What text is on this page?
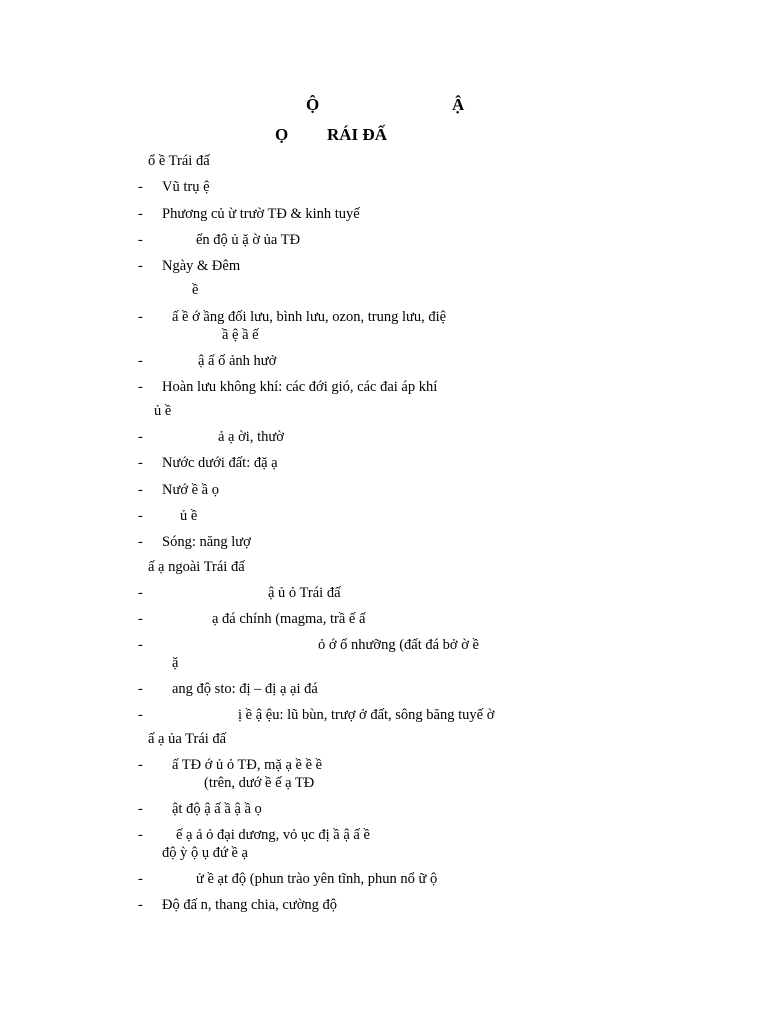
Ộ	Ậ
Ọ RÁI ĐẤ
ổ ề Trái đấ
- Vũ trụ ệ
- Phương củ ừ trườ TĐ & kinh tuyế
-	ển độ ủ ặ ờ ủa TĐ
- Ngày & Đêm
ề
- ấ ề ớ ầng đối lưu, bình lưu, ozon, trung lưu, điệ
ầ ệ ầ ế
-	ậ ấ ố ảnh hưở
- Hoàn lưu không khí: các đới gió, các đai áp khí
ủ ề
-	ả ạ ời, thườ
- Nước dưới đất: đặ ạ
- Nướ ề ầ ọ
-	ủ ề
- Sóng: năng lượ
ấ ạ ngoài Trái đấ
-	ậ ủ ỏ Trái đấ
-	ạ đá chính (magma, trầ ế ấ
-	ỏ ớ ổ nhưỡng (đất đá bở ờ ề
ặ
- ang độ sto: đị – đị ạ ại đá
-	ị ề ậ ệu: lũ bùn, trượ ở đất, sông băng tuyế ờ
ấ ạ ủa Trái đấ
- ấ TĐ ớ ủ ỏ TĐ, mặ ạ ề ề ề
(trên, dướ ề ế ạ TĐ
- ật độ ậ ấ ầ ậ ầ ọ
- ế ạ ả ỏ đại dương, vỏ ục đị ầ ậ ấ ề
độ ỳ ộ ụ đứ ề ạ
-	ử ề ạt độ (phun trào yên tĩnh, phun nổ ữ ộ
- Độ đấ n, thang chia, cường độ
